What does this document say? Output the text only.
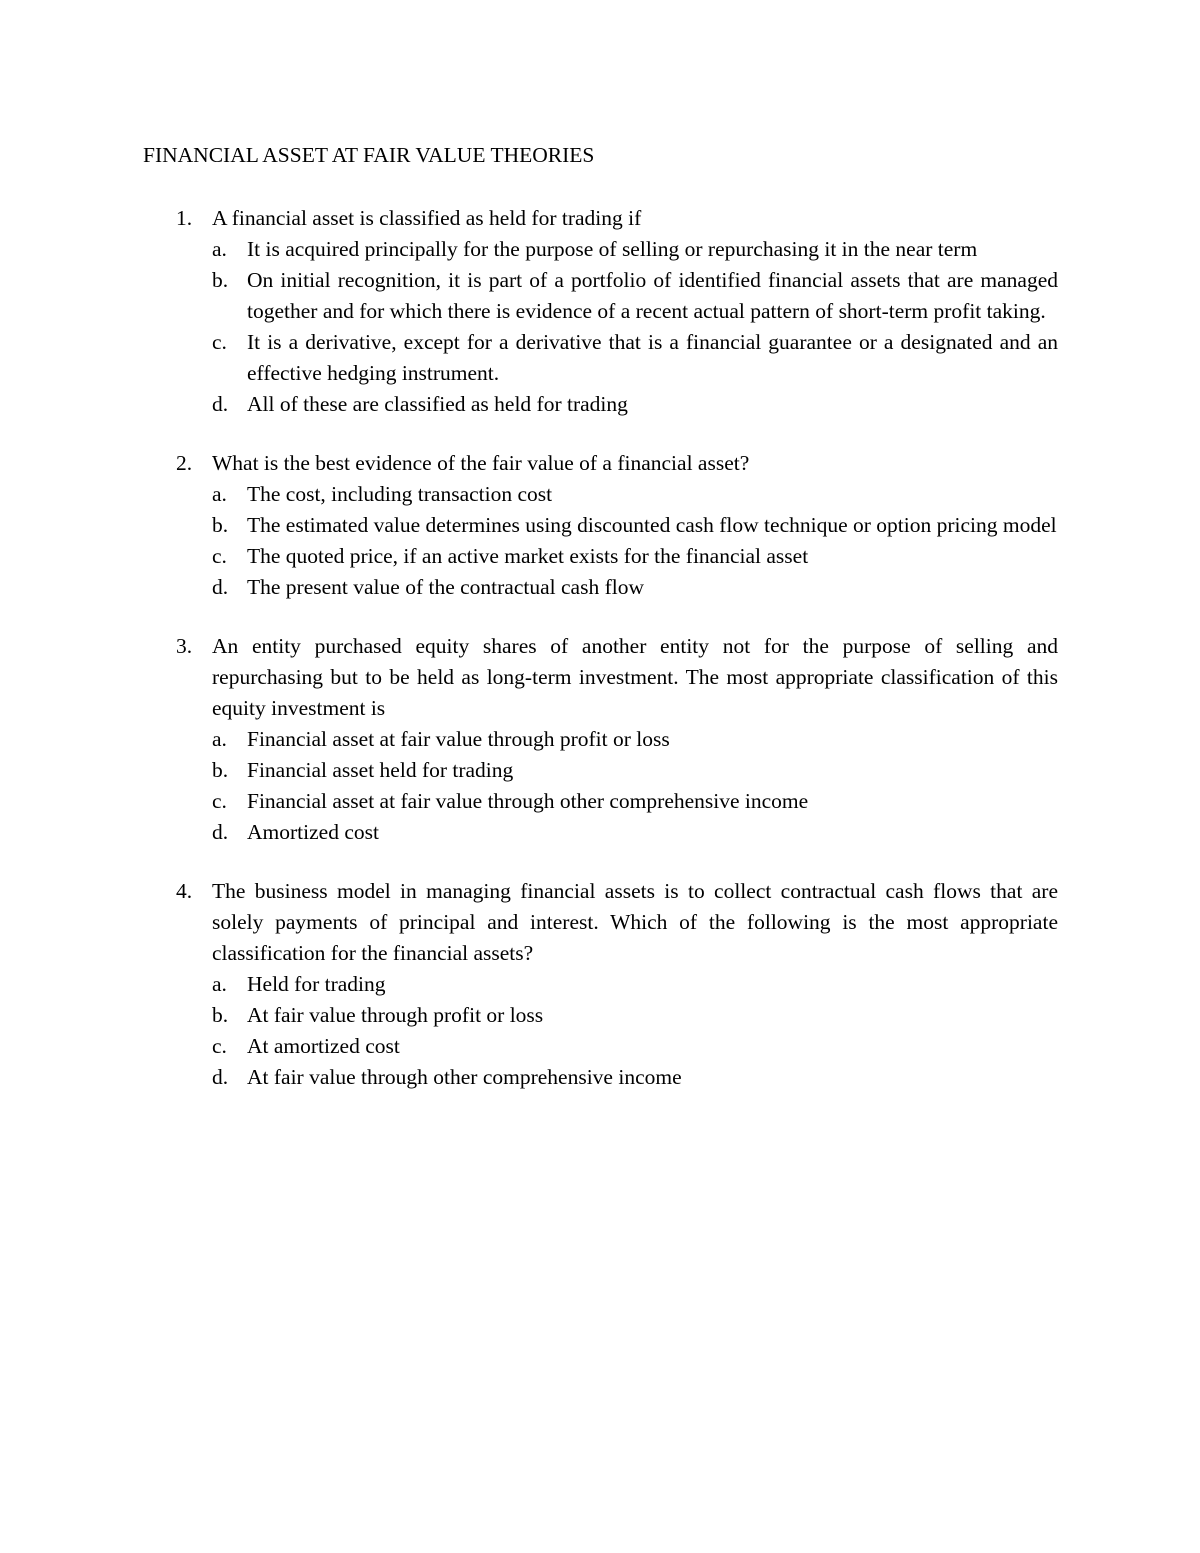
FINANCIAL ASSET AT FAIR VALUE THEORIES
1. A financial asset is classified as held for trading if
a. It is acquired principally for the purpose of selling or repurchasing it in the near term
b. On initial recognition, it is part of a portfolio of identified financial assets that are managed together and for which there is evidence of a recent actual pattern of short-term profit taking.
c. It is a derivative, except for a derivative that is a financial guarantee or a designated and an effective hedging instrument.
d. All of these are classified as held for trading
2. What is the best evidence of the fair value of a financial asset?
a. The cost, including transaction cost
b. The estimated value determines using discounted cash flow technique or option pricing model
c. The quoted price, if an active market exists for the financial asset
d. The present value of the contractual cash flow
3. An entity purchased equity shares of another entity not for the purpose of selling and repurchasing but to be held as long-term investment. The most appropriate classification of this equity investment is
a. Financial asset at fair value through profit or loss
b. Financial asset held for trading
c. Financial asset at fair value through other comprehensive income
d. Amortized cost
4. The business model in managing financial assets is to collect contractual cash flows that are solely payments of principal and interest. Which of the following is the most appropriate classification for the financial assets?
a. Held for trading
b. At fair value through profit or loss
c. At amortized cost
d. At fair value through other comprehensive income
